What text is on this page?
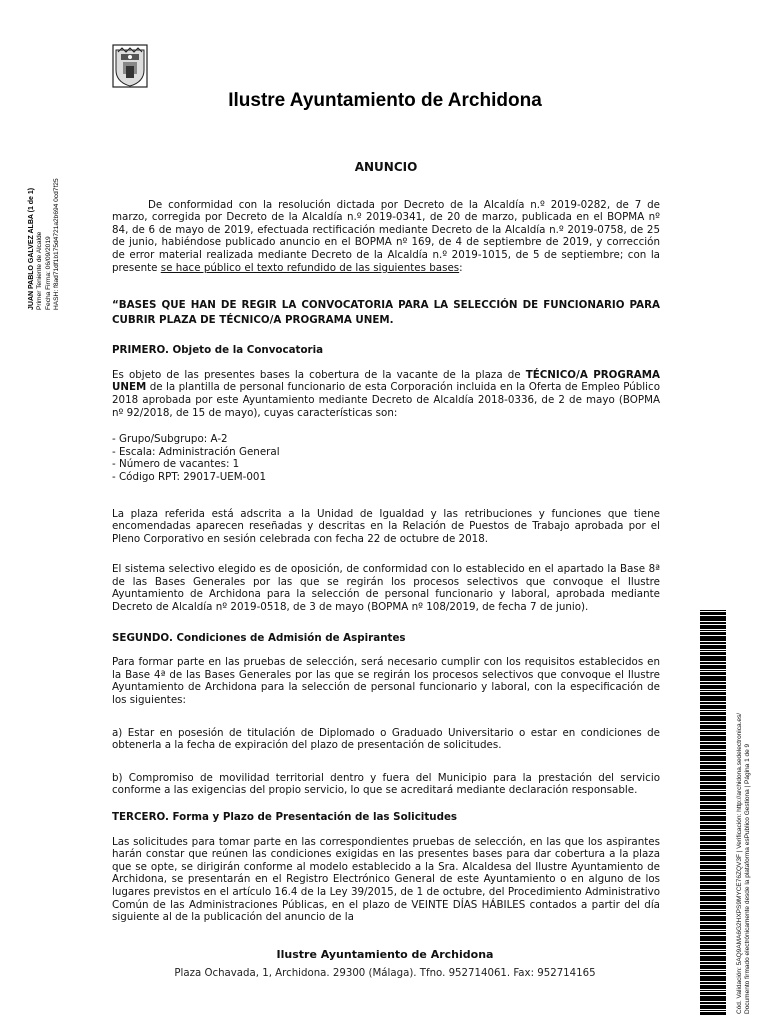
Ilustre Ayuntamiento de Archidona
JUAN PABLO GALVEZ ALBA (1 de 1) Primer Teniente de Alcalde Fecha Firma: 06/09/2019 HASH: f8ad71df1b175d4721a2b694 0cd7f25
ANUNCIO

De conformidad con la resolución dictada por Decreto de la Alcaldía n.º 2019-0282, de 7 de marzo, corregida por Decreto de la Alcaldía n.º 2019-0341, de 20 de marzo, publicada en el BOPMA nº 84, de 6 de mayo de 2019, efectuada rectificación mediante Decreto de la Alcaldía n.º 2019-0758, de 25 de junio, habiéndose publicado anuncio en el BOPMA nº 169, de 4 de septiembre de 2019, y corrección de error material realizada mediante Decreto de la Alcaldía n.º 2019-1015, de 5 de septiembre; con la presente se hace público el texto refundido de las siguientes bases:

“BASES QUE HAN DE REGIR LA CONVOCATORIA PARA LA SELECCIÓN DE FUNCIONARIO PARA CUBRIR PLAZA DE TÉCNICO/A PROGRAMA UNEM.

PRIMERO. Objeto de la Convocatoria

Es objeto de las presentes bases la cobertura de la vacante de la plaza de TÉCNICO/A PROGRAMA UNEM de la plantilla de personal funcionario de esta Corporación incluida en la Oferta de Empleo Público 2018 aprobada por este Ayuntamiento mediante Decreto de Alcaldía 2018-0336, de 2 de mayo (BOPMA nº 92/2018, de 15 de mayo), cuyas características son:

- Grupo/Subgrupo: A-2
- Escala: Administración General
- Número de vacantes: 1
- Código RPT: 29017-UEM-001

La plaza referida está adscrita a la Unidad de Igualdad y las retribuciones y funciones que tiene encomendadas aparecen reseñadas y descritas en la Relación de Puestos de Trabajo aprobada por el Pleno Corporativo en sesión celebrada con fecha 22 de octubre de 2018.

El sistema selectivo elegido es de oposición, de conformidad con lo establecido en el apartado la Base 8ª de las Bases Generales por las que se regirán los procesos selectivos que convoque el Ilustre Ayuntamiento de Archidona para la selección de personal funcionario y laboral, aprobada mediante Decreto de Alcaldía nº 2019-0518, de 3 de mayo (BOPMA nº 108/2019, de fecha 7 de junio).

SEGUNDO. Condiciones de Admisión de Aspirantes

Para formar parte en las pruebas de selección, será necesario cumplir con los requisitos establecidos en la Base 4ª de las Bases Generales por las que se regirán los procesos selectivos que convoque el Ilustre Ayuntamiento de Archidona para la selección de personal funcionario y laboral, con la especificación de los siguientes:

a) Estar en posesión de titulación de Diplomado o Graduado Universitario o estar en condiciones de obtenerla a la fecha de expiración del plazo de presentación de solicitudes.

b) Compromiso de movilidad territorial dentro y fuera del Municipio para la prestación del servicio conforme a las exigencias del propio servicio, lo que se acreditará mediante declaración responsable.

TERCERO. Forma y Plazo de Presentación de las Solicitudes

Las solicitudes para tomar parte en las correspondientes pruebas de selección, en las que los aspirantes harán constar que reúnen las condiciones exigidas en las presentes bases para dar cobertura a la plaza que se opte, se dirigirán conforme al modelo establecido a la Sra. Alcaldesa del Ilustre Ayuntamiento de Archidona, se presentarán en el Registro Electrónico General de este Ayuntamiento o en alguno de los lugares previstos en el artículo 16.4 de la Ley 39/2015, de 1 de octubre, del Procedimiento Administrativo Común de las Administraciones Públicas, en el plazo de VEINTE DÍAS HÁBILES contados a partir del día siguiente al de la publicación del anuncio de la

Ilustre Ayuntamiento de Archidona
Plaza Ochavada, 1, Archidona. 29300 (Málaga). Tfno. 952714061. Fax: 952714165	Cód. Validación: 5AQ9AMA6G2HXPS9MYCE76ZQV3F | Verificación: http://archidona.sedelectronica.es/ Documento firmado electrónicamente desde la plataforma esPublico Gestiona | Página 1 de 9
